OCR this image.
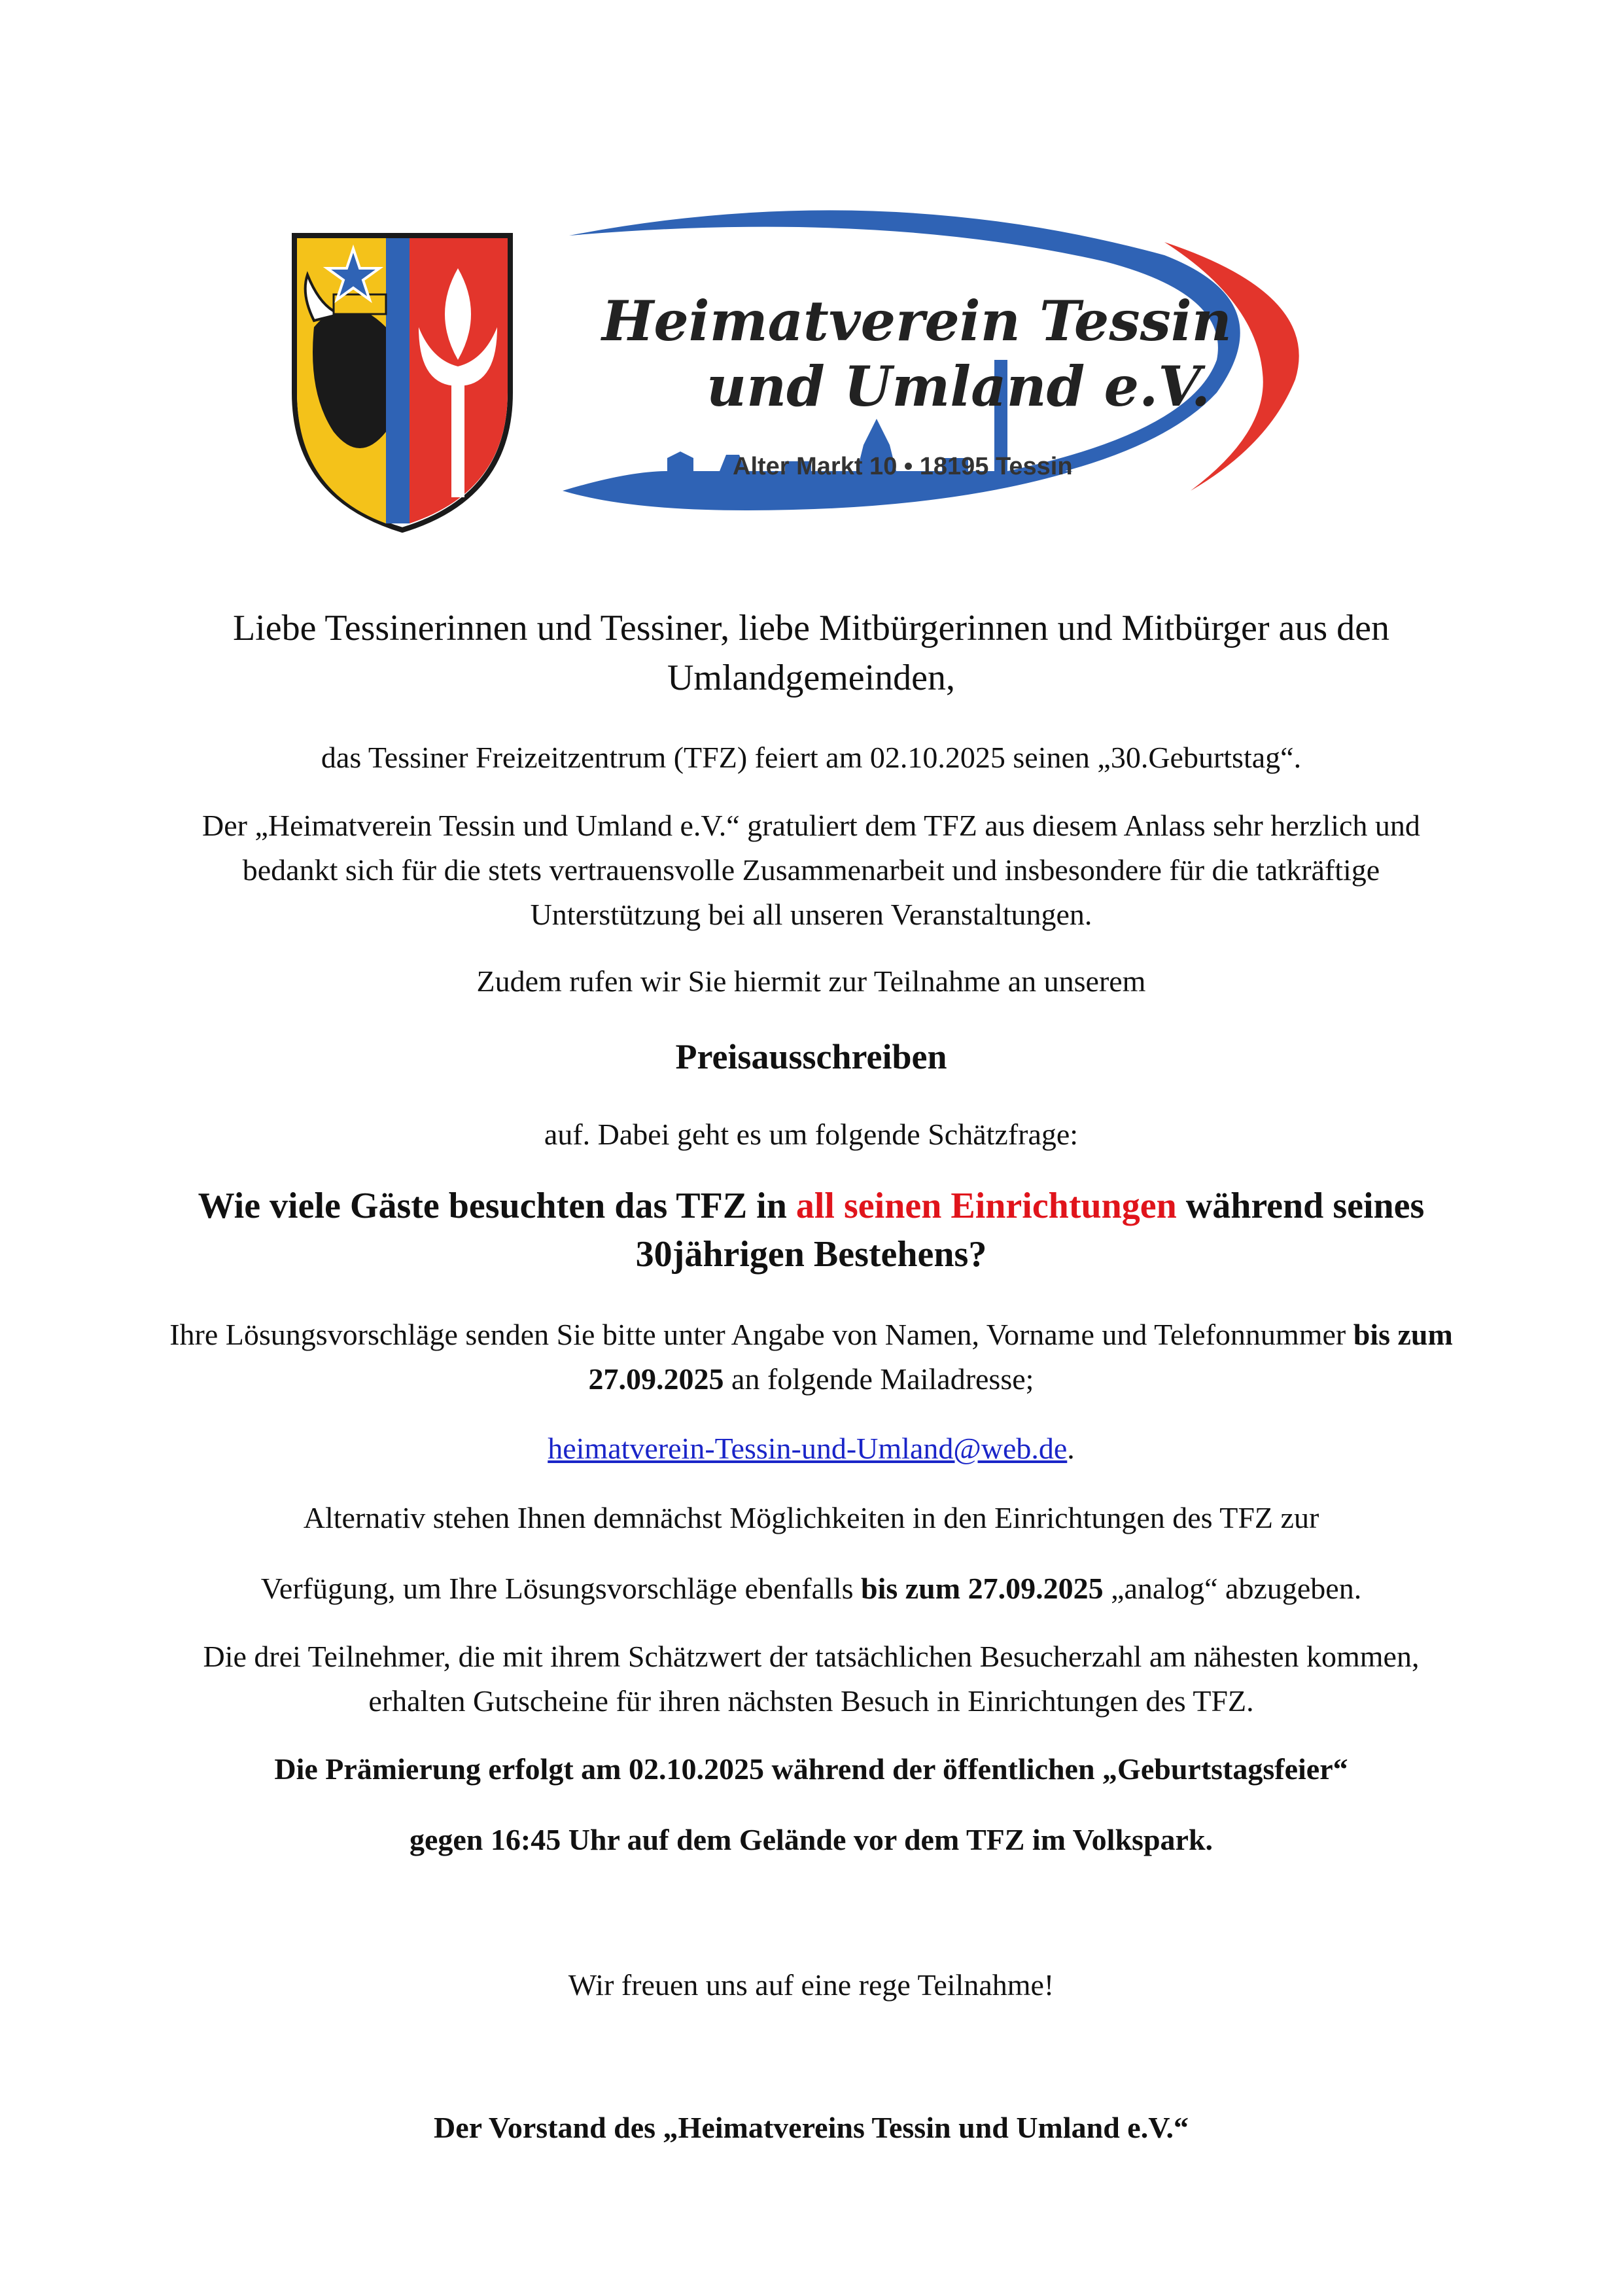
Heimatverein Tessin
und Umland e.V.
Alter Markt 10 • 18195 Tessin

Liebe Tessinerinnen und Tessiner, liebe Mitbürgerinnen und Mitbürger aus den Umlandgemeinden,

das Tessiner Freizeitzentrum (TFZ) feiert am 02.10.2025 seinen „30.Geburtstag“.

Der „Heimatverein Tessin und Umland e.V.“ gratuliert dem TFZ aus diesem Anlass sehr herzlich und bedankt sich für die stets vertrauensvolle Zusammenarbeit und insbesondere für die tatkräftige Unterstützung bei all unseren Veranstaltungen.

Zudem rufen wir Sie hiermit zur Teilnahme an unserem

Preisausschreiben

auf. Dabei geht es um folgende Schätzfrage:

Wie viele Gäste besuchten das TFZ in all seinen Einrichtungen während seines 30jährigen Bestehens?

Ihre Lösungsvorschläge senden Sie bitte unter Angabe von Namen, Vorname und Telefonnummer bis zum 27.09.2025 an folgende Mailadresse;

heimatverein-Tessin-und-Umland@web.de.

Alternativ stehen Ihnen demnächst Möglichkeiten in den Einrichtungen des TFZ zur

Verfügung, um Ihre Lösungsvorschläge ebenfalls bis zum 27.09.2025 „analog“ abzugeben.

Die drei Teilnehmer, die mit ihrem Schätzwert der tatsächlichen Besucherzahl am nähesten kommen, erhalten Gutscheine für ihren nächsten Besuch in Einrichtungen des TFZ.

Die Prämierung erfolgt am 02.10.2025 während der öffentlichen „Geburtstagsfeier“

gegen 16:45 Uhr auf dem Gelände vor dem TFZ im Volkspark.

Wir freuen uns auf eine rege Teilnahme!

Der Vorstand des „Heimatvereins Tessin und Umland e.V.“
